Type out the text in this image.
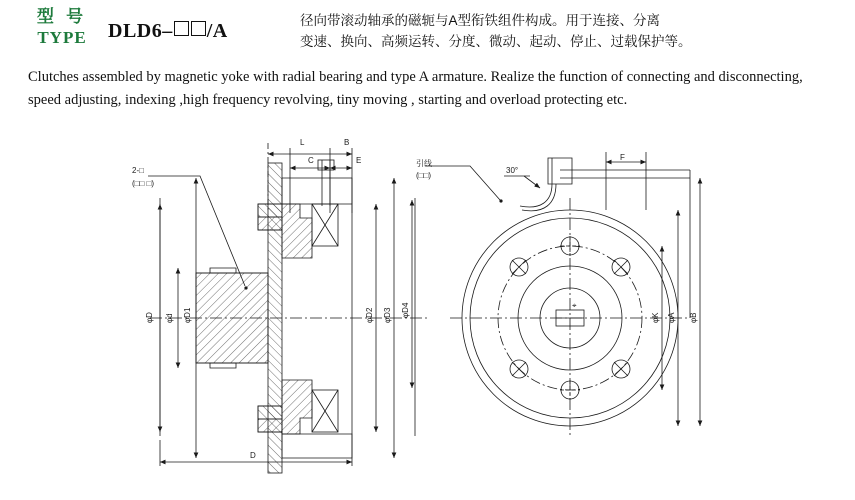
型 号
TYPE	DLD6– /A	径向带滚动轴承的磁轭与A型衔铁组件构成。用于连接、分离
变速、换向、高频运转、分度、微动、起动、停止、过载保护等。
Clutches assembled by magnetic yoke with radial bearing and type A armature. Realize the function of connecting and disconnecting, speed adjusting, indexing ,high frequency revolving, tiny moving , starting and overload protecting etc.
2-□
(□□ □)
引线
(□□)
30°
L	B
E
C
φD φd φD1	φD2 φD3 φD4
D
F
φK φA φB
⌖
